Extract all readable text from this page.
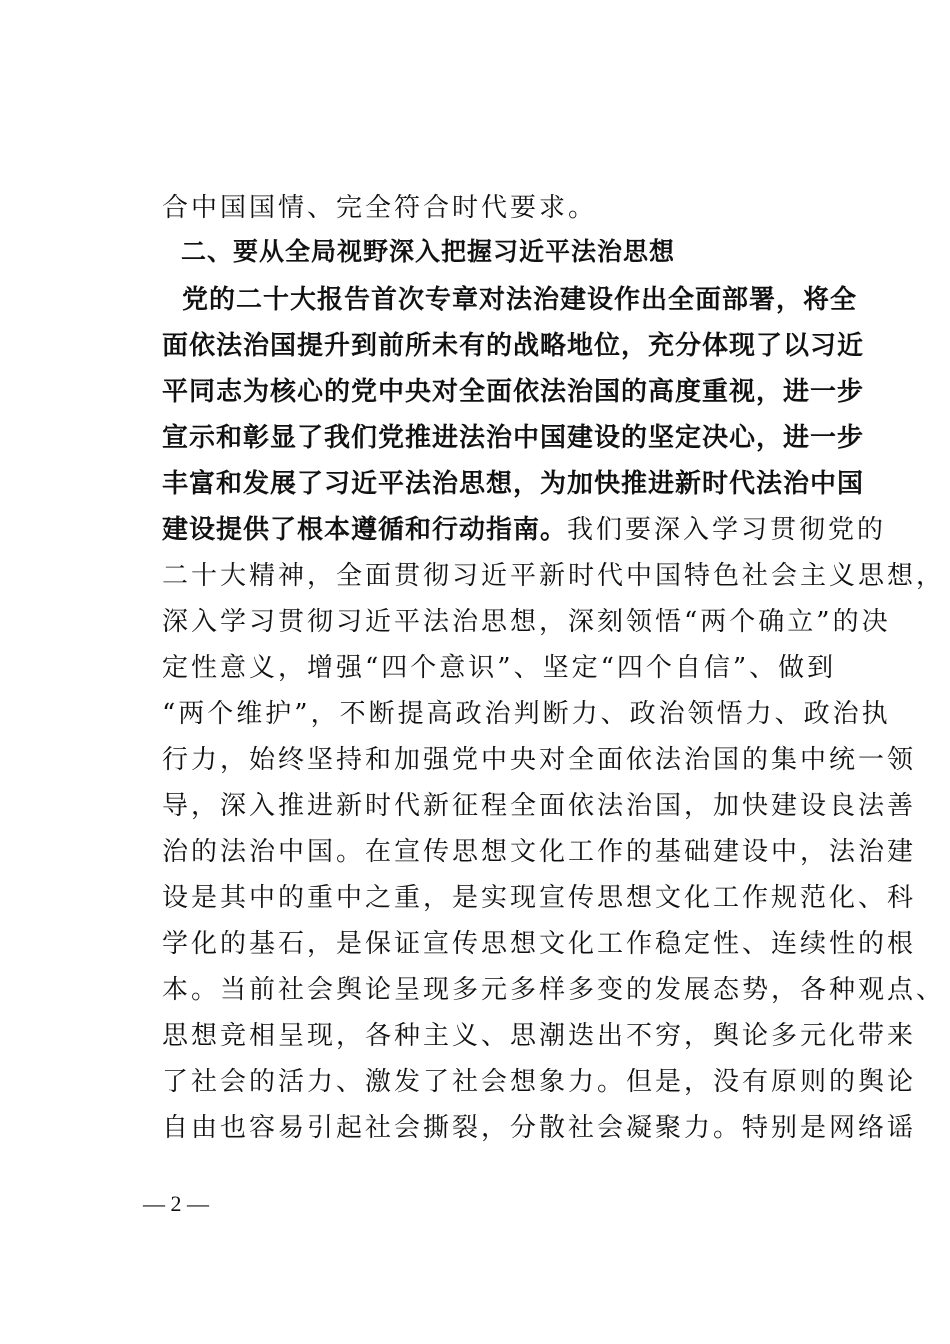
合中国国情、完全符合时代要求。
二、要从全局视野深入把握习近平法治思想
党的二十大报告首次专章对法治建设作出全面部署，将全
面依法治国提升到前所未有的战略地位，充分体现了以习近
平同志为核心的党中央对全面依法治国的高度重视，进一步
宣示和彰显了我们党推进法治中国建设的坚定决心，进一步
丰富和发展了习近平法治思想，为加快推进新时代法治中国
建设提供了根本遵循和行动指南。我们要深入学习贯彻党的
二十大精神，全面贯彻习近平新时代中国特色社会主义思想，
深入学习贯彻习近平法治思想，深刻领悟“两个确立”的决
定性意义，增强“四个意识”、坚定“四个自信”、做到
“两个维护”，不断提高政治判断力、政治领悟力、政治执
行力，始终坚持和加强党中央对全面依法治国的集中统一领
导，深入推进新时代新征程全面依法治国，加快建设良法善
治的法治中国。在宣传思想文化工作的基础建设中，法治建
设是其中的重中之重，是实现宣传思想文化工作规范化、科
学化的基石，是保证宣传思想文化工作稳定性、连续性的根
本。当前社会舆论呈现多元多样多变的发展态势，各种观点、
思想竞相呈现，各种主义、思潮迭出不穷，舆论多元化带来
了社会的活力、激发了社会想象力。但是，没有原则的舆论
自由也容易引起社会撕裂，分散社会凝聚力。特别是网络谣
— 2 —
